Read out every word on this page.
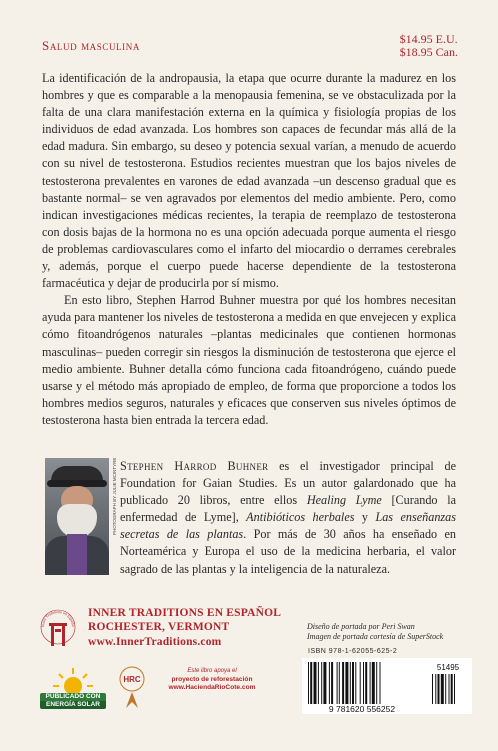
Salud masculina	$14.95 E.U.
$18.95 Can.

La identificación de la andropausia, la etapa que ocurre durante la madurez en los hombres y que es comparable a la menopausia femenina, se ve obstaculizada por la falta de una clara manifestación externa en la química y fisiología propias de los individuos de edad avanzada. Los hombres son capaces de fecundar más allá de la edad madura. Sin embargo, su deseo y potencia sexual varían, a menudo de acuerdo con su nivel de testosterona. Estudios recientes muestran que los bajos niveles de testosterona prevalentes en varones de edad avanzada –un descenso gradual que es bastante normal– se ven agravados por elementos del medio ambiente. Pero, como indican investigaciones médicas recientes, la terapia de reemplazo de testosterona con dosis bajas de la hormona no es una opción adecuada porque aumenta el riesgo de problemas cardiovasculares como el infarto del miocardio o derrames cerebrales y, además, porque el cuerpo puede hacerse dependiente de la testosterona farmacéutica y dejar de producirla por sí mismo.

En esto libro, Stephen Harrod Buhner muestra por qué los hombres necesitan ayuda para mantener los niveles de testosterona a medida en que envejecen y explica cómo fitoandrógenos naturales –plantas medicinales que contienen hormonas masculinas– pueden corregir sin riesgos la disminución de testosterona que ejerce el medio ambiente. Buhner detalla cómo funciona cada fitoandrógeno, cuándo puede usarse y el método más apropiado de empleo, de forma que proporcione a todos los hombres medios seguros, naturales y eficaces que conserven sus niveles óptimos de testosterona hasta bien entrada la tercera edad.

PHOTOGRAPH BY JULIE MCINTYRE Stephen Harrod Buhner es el investigador principal de Foundation for Gaian Studies. Es un autor galardonado que ha publicado 20 libros, entre ellos Healing Lyme [Curando la enfermedad de Lyme], Antibióticos herbales y Las enseñanzas secretas de las plantas. Por más de 30 años ha enseñado en Norteamérica y Europa el uso de la medicina herbaria, el valor sagrado de las plantas y la inteligencia de la naturaleza.
Inner Traditions en Españo
INNER TRADITIONS EN ESPAÑOL
ROCHESTER, VERMONT
www.InnerTraditions.com
Diseño de portada por Peri Swan
Imagen de portada cortesía de SuperStock
ISBN 978-1-62055-625-2
51495
9 781620 556252
PUBLICADO CON
ENERGÍA SOLAR
HRC
Este libro apoya el
proyecto de reforestación
www.HaciendaRioCote.com
